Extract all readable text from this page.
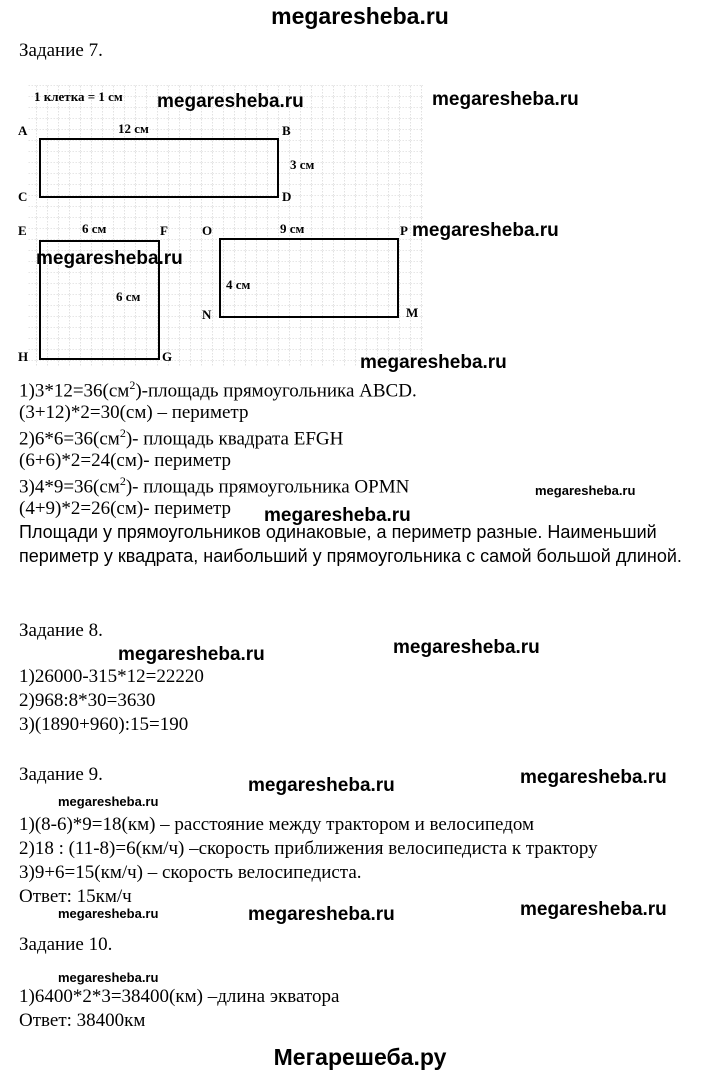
megaresheba.ru
Задание 7.
1 клетка = 1 см
A	B
C	D
12 см
3 см
E	F
G
H
6 см
6 см
O	P
M
N
9 см
4 см
megaresheba.ru	megaresheba.ru
megaresheba.ru
megaresheba.ru
megaresheba.ru
$1)3*12=36(см^2)$-площадь прямоугольника ABCD.
(3+12)*2=30(см) – периметр
$2)6*6=36(см^2)-$ площадь квадрата EFGH
(6+6)*2=24(см)- периметр
$3)4*9=36(см^2)-$ площадь прямоугольника OPMN	megaresheba.ru
(4+9)*2=26(см)- периметр megaresheba.ru
Площади у прямоугольников одинаковые, а периметр разные. Наименьший периметр у квадрата, наибольший у прямоугольника с самой большой длиной.
Задание 8.
megaresheba.ru
megaresheba.ru
1)26000-315*12=22220
2)968:8*30=3630
3)(1890+960):15=190
Задание 9.
megaresheba.ru	megaresheba.ru
megaresheba.ru
1)(8-6)*9=18(км) – расстояние между трактором и велосипедом
2)18 : (11-8)=6(км/ч) –скорость приближения велосипедиста к трактору
3)9+6=15(км/ч) – скорость велосипедиста.
Ответ: 15км/ч
megaresheba.ru	megaresheba.ru	megaresheba.ru
Задание 10.
megaresheba.ru
1)6400*2*3=38400(км) –длина экватора
Ответ: 38400км
Мегарешеба.ру
